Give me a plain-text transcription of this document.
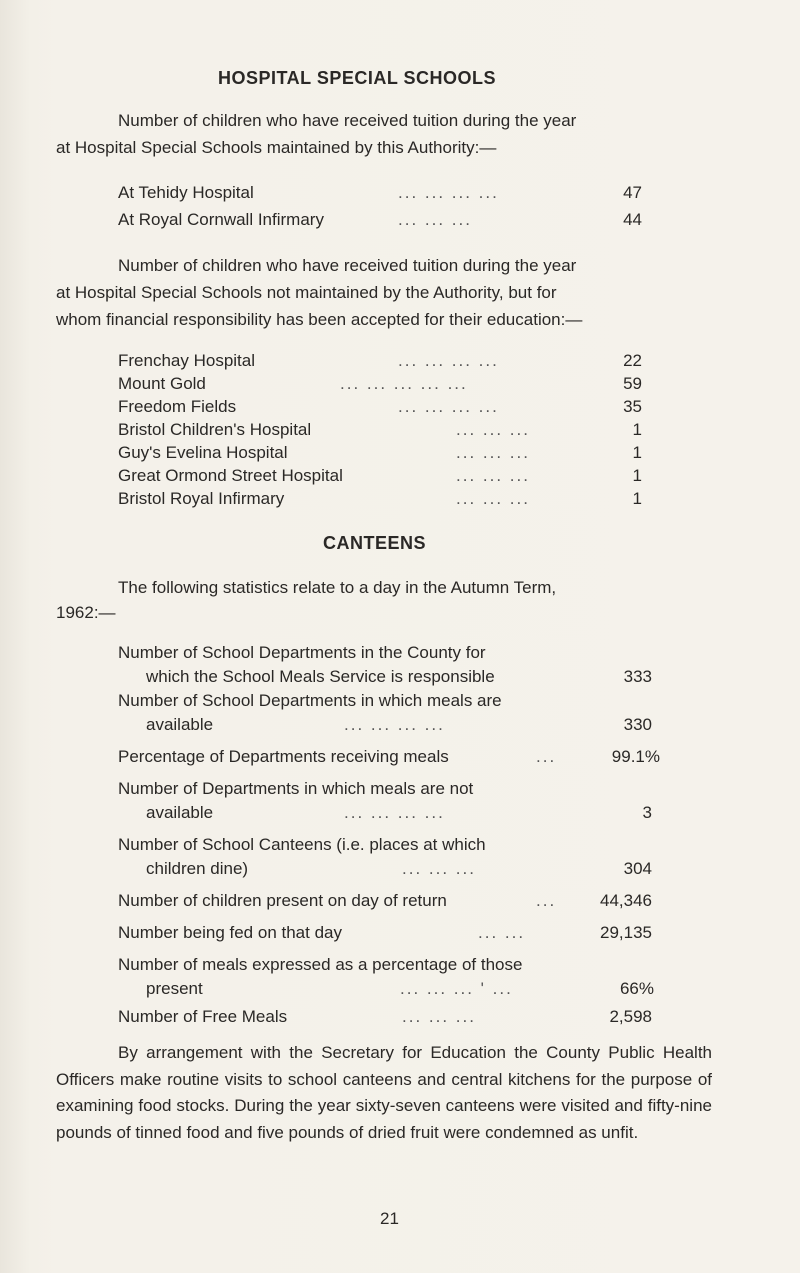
HOSPITAL SPECIAL SCHOOLS
Number of children who have received tuition during the year
at Hospital Special Schools maintained by this Authority:—
At Tehidy Hospital	... ... ... ...	47
At Royal Cornwall Infirmary	... ... ...	44
Number of children who have received tuition during the year
at Hospital Special Schools not maintained by the Authority, but for
whom financial responsibility has been accepted for their education:—
Frenchay Hospital	... ... ... ...	22
Mount Gold	... ... ... ... ...	59
Freedom Fields	... ... ... ...	35
Bristol Children's Hospital	... ... ...	1
Guy's Evelina Hospital	... ... ...	1
Great Ormond Street Hospital	... ... ...	1
Bristol Royal Infirmary	... ... ...	1
CANTEENS
The following statistics relate to a day in the Autumn Term,
1962:—
Number of School Departments in the County for
which the School Meals Service is responsible	333
Number of School Departments in which meals are
available	... ... ... ...	330
Percentage of Departments receiving meals	...	99.1%
Number of Departments in which meals are not
available	... ... ... ...	3
Number of School Canteens (i.e. places at which
children dine)	... ... ...	304
Number of children present on day of return	...	44,346
Number being fed on that day	... ...	29,135
Number of meals expressed as a percentage of those
present	... ... ... ' ...	66%
Number of Free Meals	... ... ...	2,598
By arrangement with the Secretary for Education the County Public Health Officers make routine visits to school canteens and central kitchens for the purpose of examining food stocks. During the year sixty-seven canteens were visited and fifty-nine pounds of tinned food and five pounds of dried fruit were condemned as unfit.
21
